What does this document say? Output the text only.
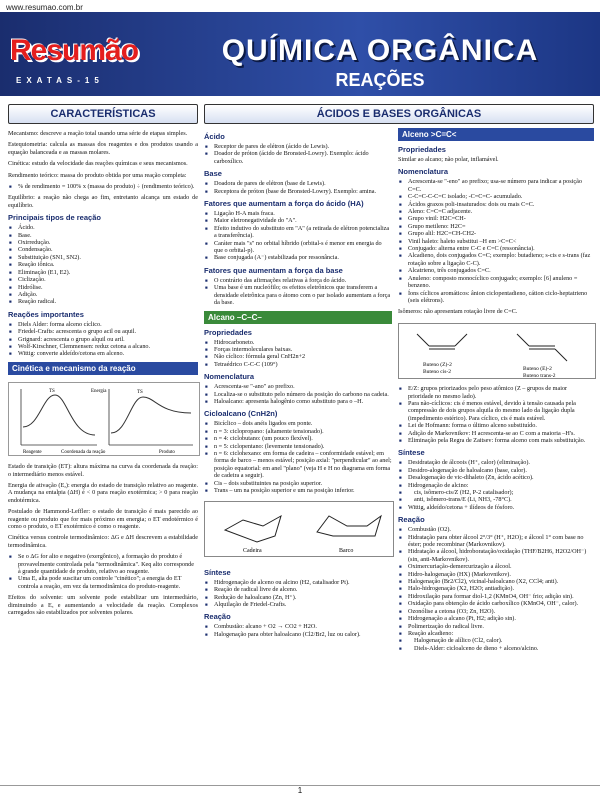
www.resumao.com.br
Resumão
EXATAS-15
QUÍMICA ORGÂNICA
REAÇÕES
CARACTERÍSTICAS

Mecanismo: descreve a reação total usando uma série de etapas simples.

Estequiometria: calcula as massas dos reagentes e dos produtos usando a equação balanceada e as massas molares.

Cinética: estudo da velocidade das reações químicas e seus mecanismos.

Rendimento teórico: massa do produto obtida por uma reação completa:

■ % de rendimento = 100% x (massa do produto) ÷ (rendimento teórico).

Equilíbrio: a reação não chega ao fim, entretanto alcança um estado de equilíbrio.

Principais tipos de reação
■ Ácido.
■ Base.
■ Oxirredução.
■ Condensação.
■ Substituição (SN1, SN2).
■ Reação iônica.
■ Eliminação (E1, E2).
■ Ciclização.
■ Hidrólise.
■ Adição.
■ Reação radical.
Reações importantes
■ Diels Alder: forma alceno cíclico.
■ Friedel-Crafts: acrescenta o grupo acil ou aquil.
■ Grignard: acrescenta o grupo alquil ou aril.
■ Wolf-Kirschner, Clemmensen: reduz cetona a alcano.
■ Wittig: converte aldeído/cetona em alceno.
Cinética e mecanismo da reação
TS	TS
Energia
Reagente	Coordenada da reação	Produto

Estado de transição (ET): altura máxima na curva da coordenada da reação: o intermediário menos estável.

Energia de ativação (Eₐ): energia do estado de transição relativo ao reagente. A mudança na entalpia (ΔH) é < 0 para reação exotérmica; > 0 para reação endotérmica.

Postulado de Hammond-Leffler: o estado de transição é mais parecido ao reagente ou produto que for mais próximo em energia; o ET endotérmico é como o produto, o ET exotérmico é como o reagente.

Cinética versus controle termodinâmico: ΔG e ΔH descrevem a estabilidade termodinâmica.

■ Se o ΔG for alto e negativo (exergônico), a formação do produto é provavelmente controlada pela "termodinâmica". Keq alto corresponde à grande quantidade de produto, relativo ao reagente.
■ Uma Eₐ alta pode suscitar um controle "cinético"; a energia do ET controla a reação, em vez da termodinâmica do produto-reagente.

Efeitos do solvente: um solvente pode estabilizar um intermediário, diminuindo a Eₐ e aumentando a velocidade da reação. Complexos carregados são estabilizados por solventes polares.

ÁCIDOS E BASES ORGÂNICAS
Ácido
■ Receptor de pares de elétron (ácido de Lewis).
■ Doador de próton (ácido de Bronsted-Lowry). Exemplo: ácido carboxílico.
Base
■ Doadora de pares de elétron (base de Lewis).
■ Receptora de próton (base de Bronsted-Lowry). Exemplo: amina.
Fatores que aumentam a força do ácido (HA)
■ Ligação H-A mais fraca.
■ Maior eletronegatividade do "A".
■ Efeito indutivo do substituto em "A" (a retirada de elétron potencializa a transferência).
■ Caráter mais "s" no orbital híbrido (orbital-s é menor em energia do que o orbital-p).
■ Base conjugada (A⁻) estabilizada por ressonância.
Fatores que aumentam a força da base
■ O contrário das afirmações relativas à força do ácido.
■ Uma base é um nucleófilo; os efeitos eletrônicos que transferem a densidade eletrônica para o átomo com o par isolado aumentam a força da base.
Alcano –C–C–
Propriedades
■ Hidrocarboneto.
■ Forças intermoleculares baixas.
■ Não cíclico: fórmula geral CnH2n+2
■ Tetraédrico C-C-C (109°)
Nomenclatura
■ Acrescenta-se "-ano" ao prefixo.
■ Localiza-se o substituto pelo número da posição do carbono na cadeia.
■ Haloalcano: apresenta halogênio como substituto para o –H.
Cicloalcano (CnH2n)
■ Bicíclico – dois anéis ligados em ponte.
■ n = 3: ciclopropano: (altamente tensionado).
■ n = 4: ciclobutano: (um pouco flexível).
■ n = 5: ciclopentano: (levemente tensionado).
■ n = 6: ciclohexano: em forma de cadeira – conformidade estável; em forma de barco – menos estável; posição axial: "perpendicular" ao anel; posição equatorial: em anel "plano" (veja H e H no diagrama em forma de cadeira a seguir).
■ Cis – dois substituintes na posição superior.
■ Trans – um na posição superior e um na posição inferior.
Cadeira	Barco
Síntese
■ Hidrogenação de alceno ou alcino (H2, catalisador Pt).
■ Reação de radical livre de alceno.
■ Redução de haloalcano (Zn, H⁺).
■ Alquilação de Friedel-Crafts.
Reação
■ Combustão: alcano + O2 → CO2 + H2O.
■ Halogenação para obter haloalcano (Cl2/Br2, luz ou calor).
Alceno >C=C<
Propriedades

Similar ao alcano; não polar, inflamável.

Nomenclatura
■ Acrescenta-se "-eno" ao prefixo; usa-se número para indicar a posição C=C.
■ C-C=C-C-C=C isolado; -C=C=C- acumulado.
■ Ácidos graxos poli-insaturados: dois ou mais C=C.
■ Aleno: C=C=C adjacente.
■ Grupo vinil: H2C=CH-
■ Grupo metileno: H2C=
■ Grupo alil: H2C=CH-CH2-
■ Vinil haleto: haleto substitui –H em >C=C<
■ Conjugado: alterna entre C-C e C=C (ressonância).
■ Alcadieno, dois conjugados C=C; exemplo: butadieno; s-cis e s-trans (faz rotação sobre a ligação C-C).
■ Alcatrieno, três conjugados C=C.
■ Anuleno: composto monocíclico conjugado; exemplo: [6] anuleno = benzeno.
■ Íons cíclicos aromáticos: ânion ciclopentadieno, cátion ciclo-heptatrieno (seis elétrons).

Isômeros: não apresentam rotação livre de C=C.

Buteno (Z)-2
Buteno cis-2	Buteno (E)-2
Buteno trans-2
■ E/Z: grupos priorizados pelo peso atômico (Z – grupos de maior prioridade no mesmo lado).
■ Para não-cíclicos: cis é menos estável, devido à tensão causada pela compressão de dois grupos alquila do mesmo lado da ligação dupla (impedimento estérico). Para cíclico, cis é mais estável.
■ Lei de Hofmann: forma o último alceno substituído.
■ Adição de Markovnikov: H acrescenta-se ao C com a maioria –H's.
■ Eliminação pela Regra de Zaitsev: forma alceno com mais substituição.
Síntese
■ Desidratação de álcoois (H⁺, calor) (eliminação).
■ Desidro-alogenação de haloalcano (base, calor).
■ Desalogenação de vic-dihaleto (Zn, ácido acético).
■ Hidrogenação de alcino:
■ cis, isômero-cis/Z (H2, P-2 catalisador);
■ anti, isômero-trans/E (Li, NH3, -78°C).
■ Wittig, aldeído/cetona + ilídeos de fósforo.
Reação
■ Combustão (O2).
■ Hidratação para obter álcool 2°/3° (H⁺, H2O); e álcool 1° com base no éster; pode recombinar (Markovnikov).
■ Hidratação a álcool, hidroboratação/oxidação (THF/B2H6, H2O2/OH⁻) (sin, anti-Markovnikov).
■ Oximercuriação-demercurização a álcool.
■ Hidro-halogenação (HX) (Markovnikov).
■ Halogenação (Br2/Cl2), vicinal-haloalcano (X2, CCl4; anti).
■ Halo-hidrogenação (X2, H2O; antiadição).
■ Hidroxilação para formar diol-1,2 (KMnO4, OH⁻ frio; adição sin).
■ Oxidação para obtenção de ácido carboxílico (KMnO4, OH⁻, calor).
■ Ozonólise a cetona (O3; Zn, H2O).
■ Hidrogenação a alcano (Pt, H2; adição sin).
■ Polimerização do radical livre.
■ Reação alcadieno:
■ Halogenação de alílico (Cl2, calor).
■ Diels-Alder: cicloalceno de dieno + alceno/alcino.
1
